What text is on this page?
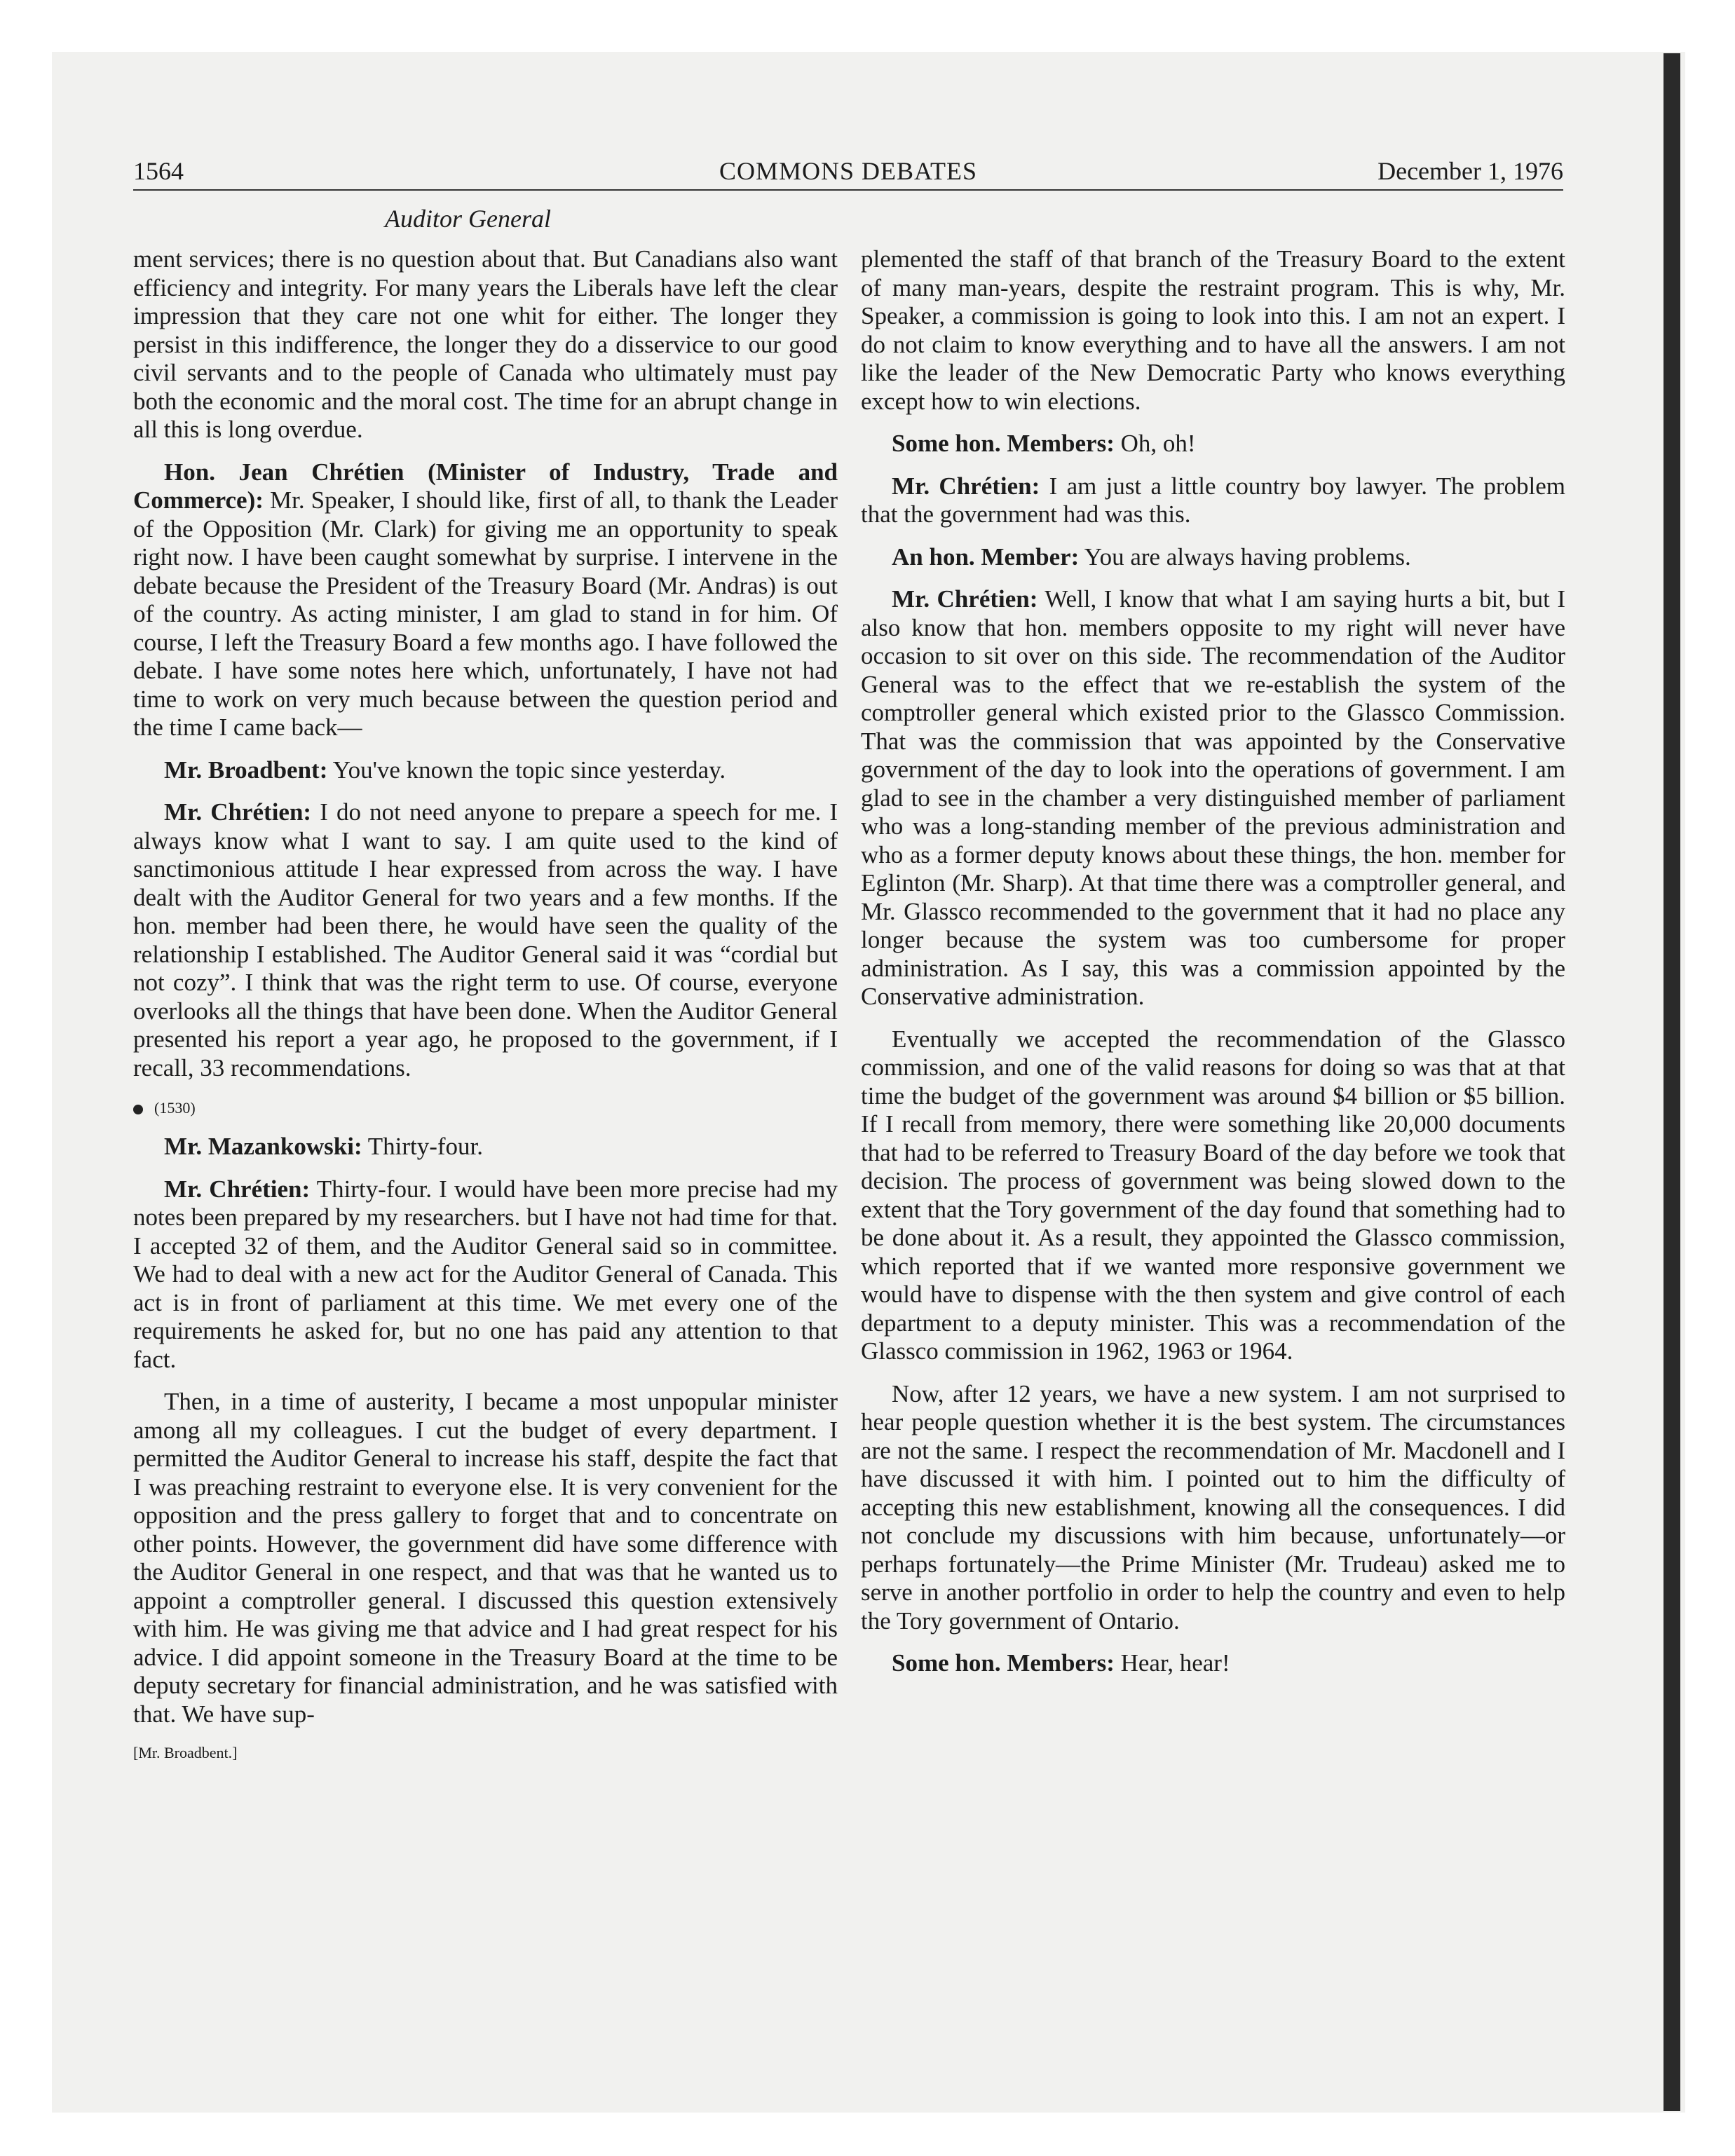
1564	COMMONS DEBATES	December 1, 1976
Auditor General

ment services; there is no question about that. But Canadians also want efficiency and integrity. For many years the Liberals have left the clear impression that they care not one whit for either. The longer they persist in this indifference, the longer they do a disservice to our good civil servants and to the people of Canada who ultimately must pay both the economic and the moral cost. The time for an abrupt change in all this is long overdue.

Hon. Jean Chrétien (Minister of Industry, Trade and Commerce): Mr. Speaker, I should like, first of all, to thank the Leader of the Opposition (Mr. Clark) for giving me an opportunity to speak right now. I have been caught somewhat by surprise. I intervene in the debate because the President of the Treasury Board (Mr. Andras) is out of the country. As acting minister, I am glad to stand in for him. Of course, I left the Treasury Board a few months ago. I have followed the debate. I have some notes here which, unfortunately, I have not had time to work on very much because between the question period and the time I came back—

Mr. Broadbent: You've known the topic since yesterday.

Mr. Chrétien: I do not need anyone to prepare a speech for me. I always know what I want to say. I am quite used to the kind of sanctimonious attitude I hear expressed from across the way. I have dealt with the Auditor General for two years and a few months. If the hon. member had been there, he would have seen the quality of the relationship I established. The Auditor General said it was “cordial but not cozy”. I think that was the right term to use. Of course, everyone overlooks all the things that have been done. When the Auditor General presented his report a year ago, he proposed to the government, if I recall, 33 recommendations.

(1530)

Mr. Mazankowski: Thirty-four.

Mr. Chrétien: Thirty-four. I would have been more precise had my notes been prepared by my researchers. but I have not had time for that. I accepted 32 of them, and the Auditor General said so in committee. We had to deal with a new act for the Auditor General of Canada. This act is in front of parliament at this time. We met every one of the requirements he asked for, but no one has paid any attention to that fact.

Then, in a time of austerity, I became a most unpopular minister among all my colleagues. I cut the budget of every department. I permitted the Auditor General to increase his staff, despite the fact that I was preaching restraint to everyone else. It is very convenient for the opposition and the press gallery to forget that and to concentrate on other points. However, the government did have some difference with the Auditor General in one respect, and that was that he wanted us to appoint a comptroller general. I discussed this question extensively with him. He was giving me that advice and I had great respect for his advice. I did appoint someone in the Treasury Board at the time to be deputy secretary for financial administration, and he was satisfied with that. We have sup-

[Mr. Broadbent.]

plemented the staff of that branch of the Treasury Board to the extent of many man-years, despite the restraint program. This is why, Mr. Speaker, a commission is going to look into this. I am not an expert. I do not claim to know everything and to have all the answers. I am not like the leader of the New Democratic Party who knows everything except how to win elections.

Some hon. Members: Oh, oh!

Mr. Chrétien: I am just a little country boy lawyer. The problem that the government had was this.

An hon. Member: You are always having problems.

Mr. Chrétien: Well, I know that what I am saying hurts a bit, but I also know that hon. members opposite to my right will never have occasion to sit over on this side. The recommendation of the Auditor General was to the effect that we re-establish the system of the comptroller general which existed prior to the Glassco Commission. That was the commission that was appointed by the Conservative government of the day to look into the operations of government. I am glad to see in the chamber a very distinguished member of parliament who was a long-standing member of the previous administration and who as a former deputy knows about these things, the hon. member for Eglinton (Mr. Sharp). At that time there was a comptroller general, and Mr. Glassco recommended to the government that it had no place any longer because the system was too cumbersome for proper administration. As I say, this was a commission appointed by the Conservative administration.

Eventually we accepted the recommendation of the Glassco commission, and one of the valid reasons for doing so was that at that time the budget of the government was around $4 billion or $5 billion. If I recall from memory, there were something like 20,000 documents that had to be referred to Treasury Board of the day before we took that decision. The process of government was being slowed down to the extent that the Tory government of the day found that something had to be done about it. As a result, they appointed the Glassco commission, which reported that if we wanted more responsive government we would have to dispense with the then system and give control of each department to a deputy minister. This was a recommendation of the Glassco commission in 1962, 1963 or 1964.

Now, after 12 years, we have a new system. I am not surprised to hear people question whether it is the best system. The circumstances are not the same. I respect the recommendation of Mr. Macdonell and I have discussed it with him. I pointed out to him the difficulty of accepting this new establishment, knowing all the consequences. I did not conclude my discussions with him because, unfortunately—or perhaps fortunately—the Prime Minister (Mr. Trudeau) asked me to serve in another portfolio in order to help the country and even to help the Tory government of Ontario.

Some hon. Members: Hear, hear!
